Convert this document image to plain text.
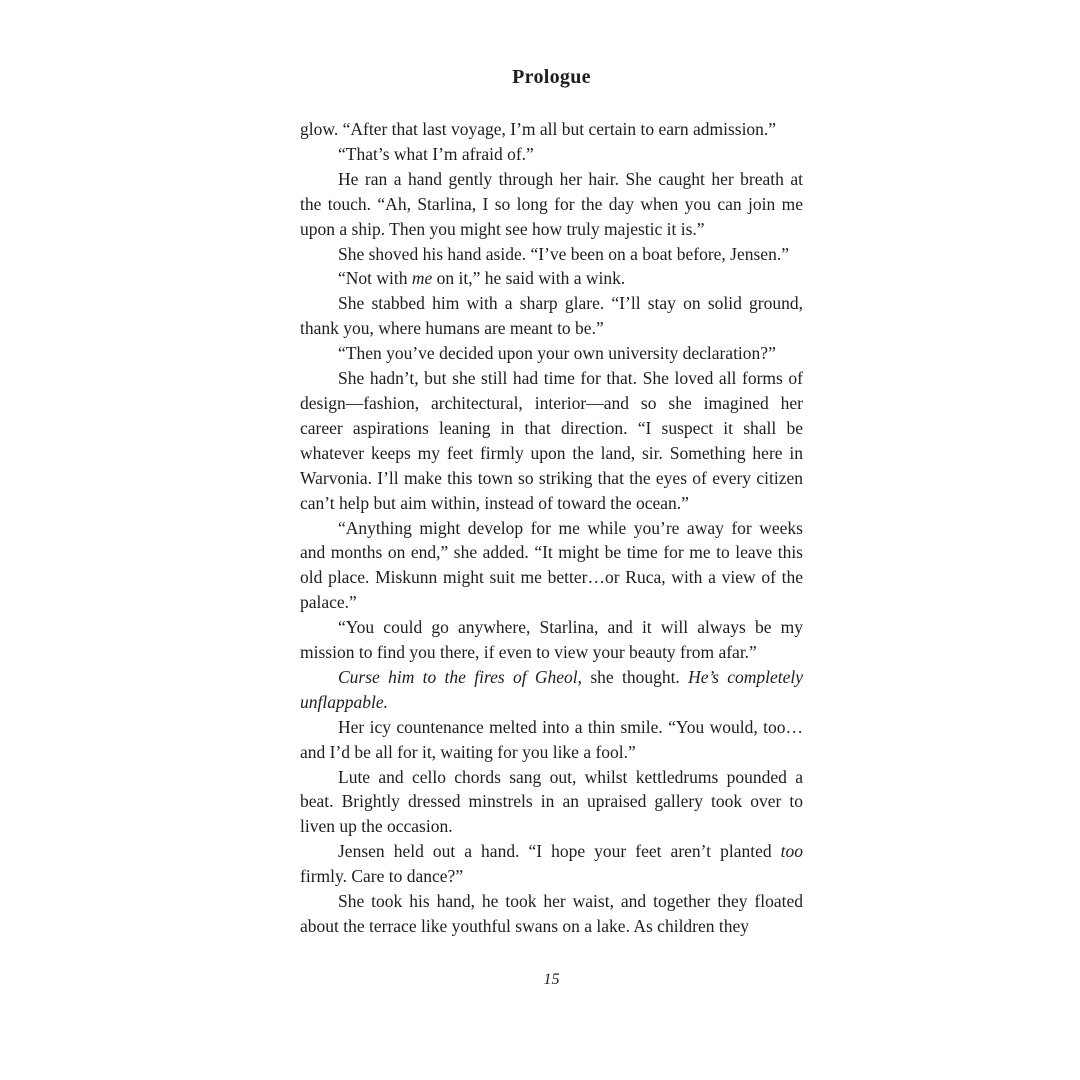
Prologue

glow. “After that last voyage, I’m all but certain to earn admission.”

“That’s what I’m afraid of.”

He ran a hand gently through her hair. She caught her breath at the touch. “Ah, Starlina, I so long for the day when you can join me upon a ship. Then you might see how truly majestic it is.”

She shoved his hand aside. “I’ve been on a boat before, Jensen.”

“Not with me on it,” he said with a wink.

She stabbed him with a sharp glare. “I’ll stay on solid ground, thank you, where humans are meant to be.”

“Then you’ve decided upon your own university declaration?”

She hadn’t, but she still had time for that. She loved all forms of design—fashion, architectural, interior—and so she imagined her career aspirations leaning in that direction. “I suspect it shall be whatever keeps my feet firmly upon the land, sir. Something here in Warvonia. I’ll make this town so striking that the eyes of every citizen can’t help but aim within, instead of toward the ocean.”

“Anything might develop for me while you’re away for weeks and months on end,” she added. “It might be time for me to leave this old place. Miskunn might suit me better…or Ruca, with a view of the palace.”

“You could go anywhere, Starlina, and it will always be my mission to find you there, if even to view your beauty from afar.”

Curse him to the fires of Gheol, she thought. He’s completely unflappable.

Her icy countenance melted into a thin smile. “You would, too…and I’d be all for it, waiting for you like a fool.”

Lute and cello chords sang out, whilst kettledrums pounded a beat. Brightly dressed minstrels in an upraised gallery took over to liven up the occasion.

Jensen held out a hand. “I hope your feet aren’t planted too firmly. Care to dance?”

She took his hand, he took her waist, and together they floated about the terrace like youthful swans on a lake. As children they

15
